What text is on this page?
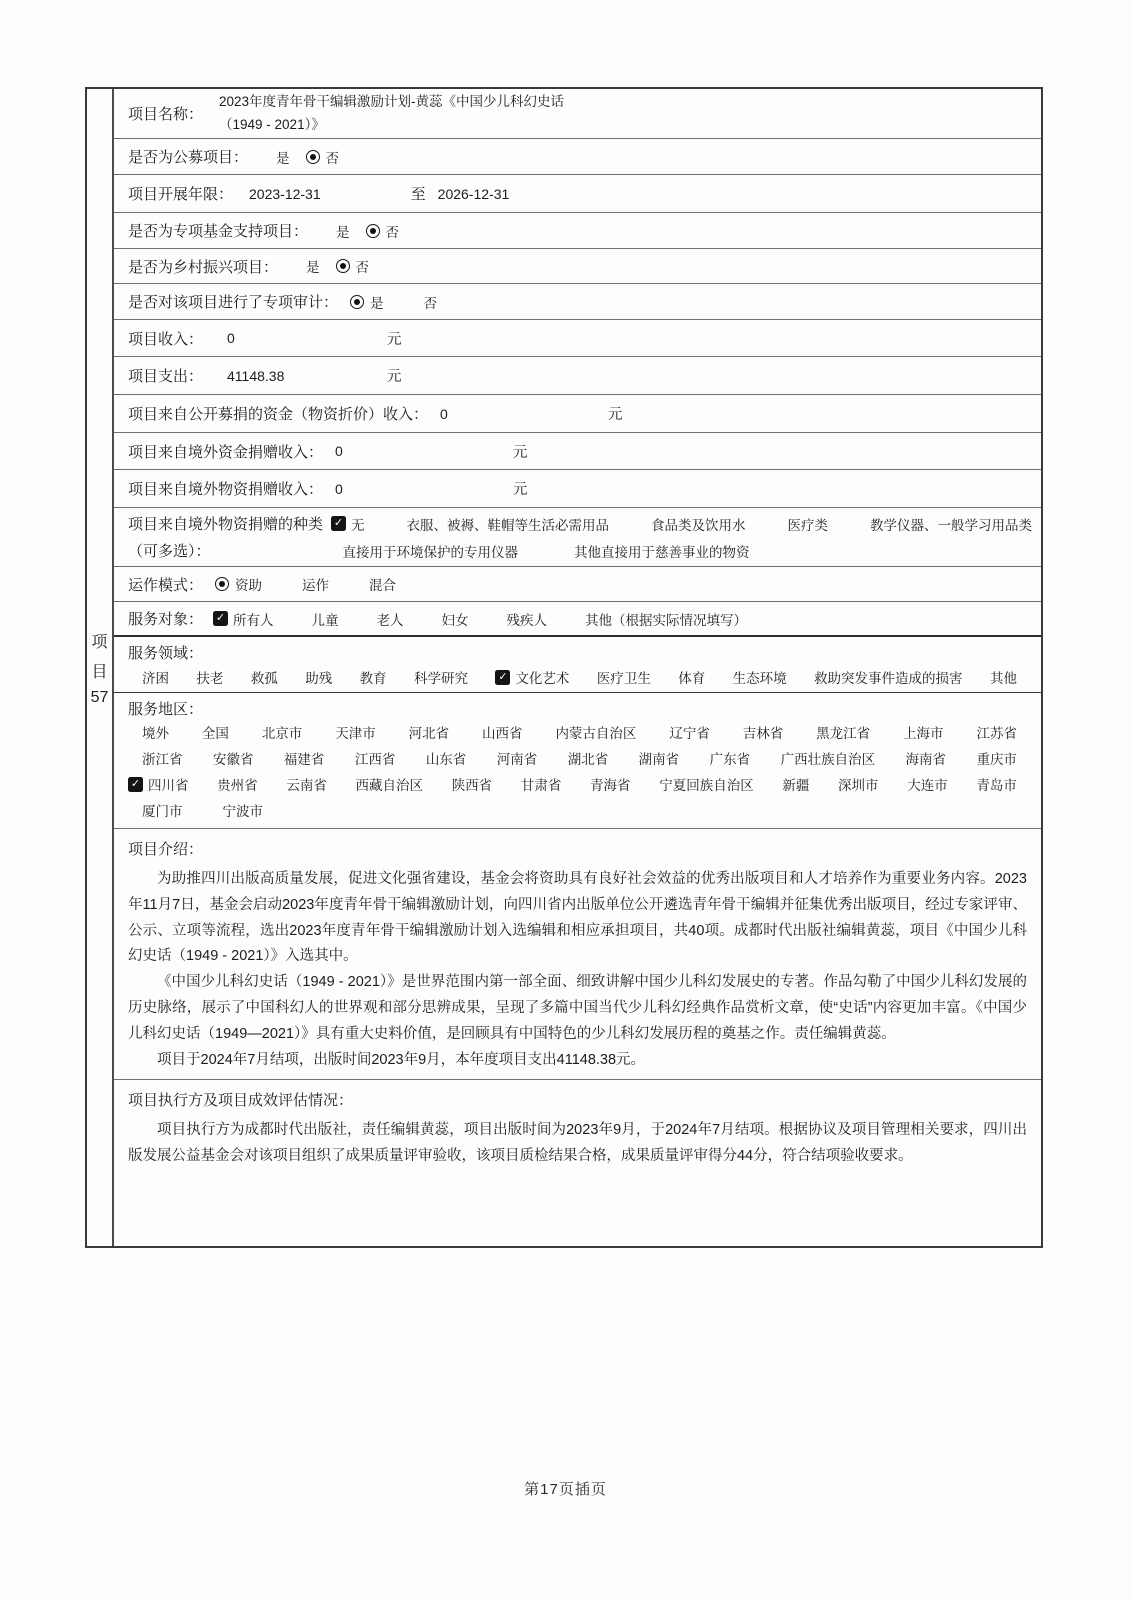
项
目
57
项目名称：
2023年度青年骨干编辑激励计划-黄蕊《中国少儿科幻史话
（1949 - 2021）》
是否为公募项目： 是	否
项目开展年限： 2023-12-31	至 2026-12-31
是否为专项基金支持项目： 是	否
是否为乡村振兴项目： 是	否
是否对该项目进行了专项审计： 是	否
项目收入： 0	元
项目支出： 41148.38	元
项目来自公开募捐的资金（物资折价）收入： 0	元
项目来自境外资金捐赠收入： 0	元
项目来自境外物资捐赠收入： 0	元
项目来自境外物资捐赠的种类 ✓ 无	衣服、被褥、鞋帽等生活必需用品	食品类及饮用水	医疗类	教学仪器、一般学习用品类
（可多选）：	直接用于环境保护的专用仪器	其他直接用于慈善事业的物资
运作模式： 资助	运作	混合
服务对象： ✓ 所有人	儿童	老人	妇女	残疾人	其他（根据实际情况填写）
服务领域：
济困 扶老 救孤 助残 教育 科学研究	✓ 文化艺术 医疗卫生 体育 生态环境 救助突发事件造成的损害 其他
服务地区：
境外 全国 北京市 天津市 河北省 山西省 内蒙古自治区 辽宁省 吉林省 黑龙江省 上海市 江苏省
浙江省 安徽省 福建省 江西省 山东省 河南省 湖北省 湖南省 广东省 广西壮族自治区 海南省 重庆市
✓ 四川省 贵州省 云南省 西藏自治区 陕西省 甘肃省 青海省 宁夏回族自治区 新疆 深圳市 大连市 青岛市
厦门市	宁波市
项目介绍：

为助推四川出版高质量发展，促进文化强省建设，基金会将资助具有良好社会效益的优秀出版项目和人才培养作为重要业务内容。2023年11月7日，基金会启动2023年度青年骨干编辑激励计划，向四川省内出版单位公开遴选青年骨干编辑并征集优秀出版项目，经过专家评审、公示、立项等流程，选出2023年度青年骨干编辑激励计划入选编辑和相应承担项目，共40项。成都时代出版社编辑黄蕊，项目《中国少儿科幻史话（1949 - 2021）》入选其中。

《中国少儿科幻史话（1949 - 2021）》是世界范围内第一部全面、细致讲解中国少儿科幻发展史的专著。作品勾勒了中国少儿科幻发展的历史脉络，展示了中国科幻人的世界观和部分思辨成果，呈现了多篇中国当代少儿科幻经典作品赏析文章，使“史话”内容更加丰富。《中国少儿科幻史话（1949—2021）》具有重大史料价值，是回顾具有中国特色的少儿科幻发展历程的奠基之作。责任编辑黄蕊。

项目于2024年7月结项，出版时间2023年9月，本年度项目支出41148.38元。

项目执行方及项目成效评估情况：

项目执行方为成都时代出版社，责任编辑黄蕊，项目出版时间为2023年9月，于2024年7月结项。根据协议及项目管理相关要求，四川出版发展公益基金会对该项目组织了成果质量评审验收，该项目质检结果合格，成果质量评审得分44分，符合结项验收要求。

第17页插页
